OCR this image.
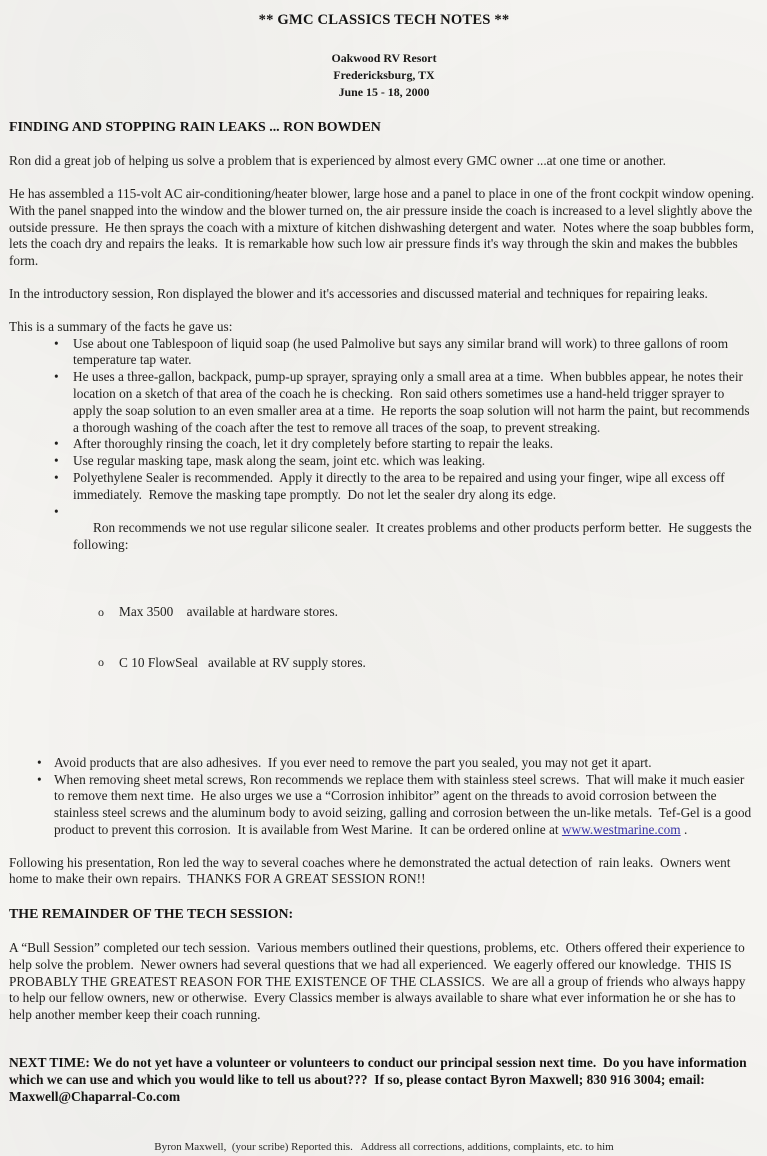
** GMC CLASSICS TECH NOTES **
Oakwood RV Resort
Fredericksburg, TX
June 15 - 18, 2000
FINDING AND STOPPING RAIN LEAKS ... RON BOWDEN

Ron did a great job of helping us solve a problem that is experienced by almost every GMC owner ...at one time or another.

He has assembled a 115-volt AC air-conditioning/heater blower, large hose and a panel to place in one of the front cockpit window opening.  With the panel snapped into the window and the blower turned on, the air pressure inside the coach is increased to a level slightly above the outside pressure.  He then sprays the coach with a mixture of kitchen dishwashing detergent and water.  Notes where the soap bubbles form, lets the coach dry and repairs the leaks.  It is remarkable how such low air pressure finds it's way through the skin and makes the bubbles form.

In the introductory session, Ron displayed the blower and it's accessories and discussed material and techniques for repairing leaks.

This is a summary of the facts he gave us:

• Use about one Tablespoon of liquid soap (he used Palmolive but says any similar brand will work) to three gallons of room temperature tap water.
• He uses a three-gallon, backpack, pump-up sprayer, spraying only a small area at a time.  When bubbles appear, he notes their location on a sketch of that area of the coach he is checking.  Ron said others sometimes use a hand-held trigger sprayer to apply the soap solution to an even smaller area at a time.  He reports the soap solution will not harm the paint, but recommends a thorough washing of the coach after the test to remove all traces of the soap, to prevent streaking.
• After thoroughly rinsing the coach, let it dry completely before starting to repair the leaks.
• Use regular masking tape, mask along the seam, joint etc. which was leaking.
• Polyethylene Sealer is recommended.  Apply it directly to the area to be repaired and using your finger, wipe all excess off immediately.  Remove the masking tape promptly.  Do not let the sealer dry along its edge.

• Ron recommends we not use regular silicone sealer.  It creates problems and other products perform better.  He suggests the following:

o Max 3500    available at hardware stores.

o C 10 FlowSeal   available at RV supply stores.

• Avoid products that are also adhesives.  If you ever need to remove the part you sealed, you may not get it apart.
• When removing sheet metal screws, Ron recommends we replace them with stainless steel screws.  That will make it much easier to remove them next time.  He also urges we use a “Corrosion inhibitor” agent on the threads to avoid corrosion between the stainless steel screws and the aluminum body to avoid seizing, galling and corrosion between the un-like metals.  Tef-Gel is a good product to prevent this corrosion.  It is available from West Marine.  It can be ordered online at www.westmarine.com .

Following his presentation, Ron led the way to several coaches where he demonstrated the actual detection of  rain leaks.  Owners went home to make their own repairs.  THANKS FOR A GREAT SESSION RON!!

THE REMAINDER OF THE TECH SESSION:

A “Bull Session” completed our tech session.  Various members outlined their questions, problems, etc.  Others offered their experience to help solve the problem.  Newer owners had several questions that we had all experienced.  We eagerly offered our knowledge.  THIS IS PROBABLY THE GREATEST REASON FOR THE EXISTENCE OF THE CLASSICS.  We are all a group of friends who always happy to help our fellow owners, new or otherwise.  Every Classics member is always available to share what ever information he or she has to help another member keep their coach running.

NEXT TIME: We do not yet have a volunteer or volunteers to conduct our principal session next time.  Do you have information which we can use and which you would like to tell us about???  If so, please contact Byron Maxwell; 830 916 3004; email: Maxwell@Chaparral-Co.com

Byron Maxwell,  (your scribe) Reported this.   Address all corrections, additions, complaints, etc. to him
